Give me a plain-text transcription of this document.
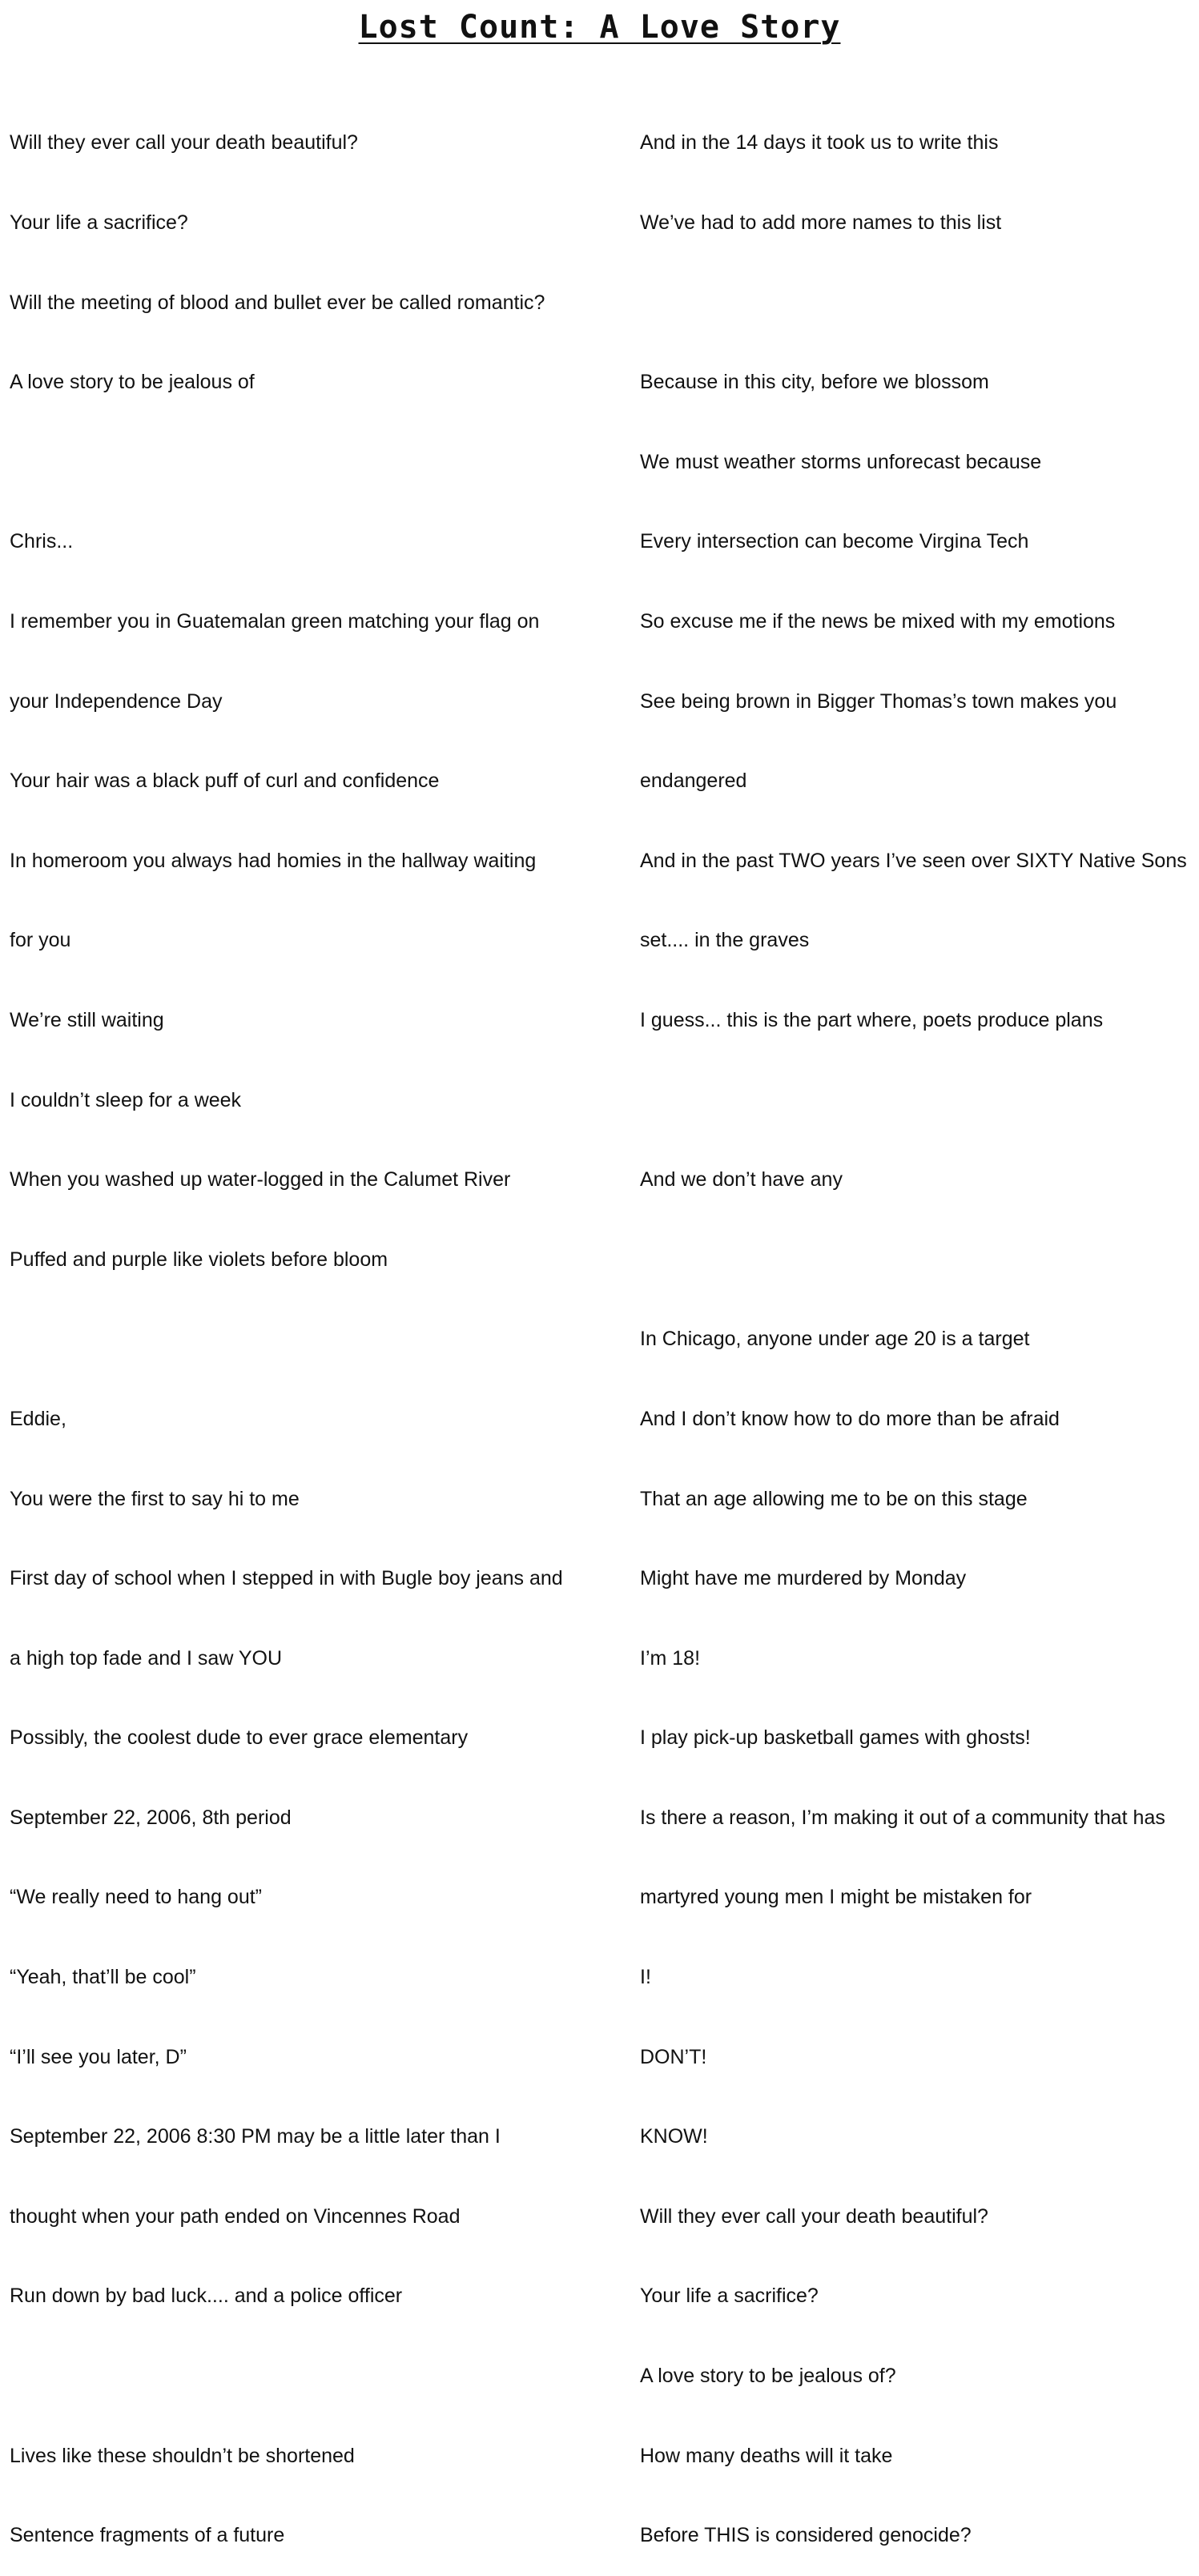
Lost Count: A Love Story

Will they ever call your death beautiful?

Your life a sacrifice?

Will the meeting of blood and bullet ever be called romantic?

A love story to be jealous of

Chris...

I remember you in Guatemalan green matching your flag on

your Independence Day

Your hair was a black puff of curl and confidence

In homeroom you always had homies in the hallway waiting

for you

We’re still waiting

I couldn’t sleep for a week

When you washed up water-logged in the Calumet River

Puffed and purple like violets before bloom

Eddie,

You were the first to say hi to me

First day of school when I stepped in with Bugle boy jeans and

a high top fade and I saw YOU

Possibly, the coolest dude to ever grace elementary

September 22, 2006, 8th period

“We really need to hang out”

“Yeah, that’ll be cool”

“I’ll see you later, D”

September 22, 2006 8:30 PM may be a little later than I

thought when your path ended on Vincennes Road

Run down by bad luck.... and a police officer

Lives like these shouldn’t be shortened

Sentence fragments of a future

And in the 14 days it took us to write this

We’ve had to add more names to this list

Because in this city, before we blossom

We must weather storms unforecast because

Every intersection can become Virgina Tech

So excuse me if the news be mixed with my emotions

See being brown in Bigger Thomas’s town makes you

endangered

And in the past TWO years I’ve seen over SIXTY Native Sons

set.... in the graves

I guess... this is the part where, poets produce plans

And we don’t have any

In Chicago, anyone under age 20 is a target

And I don’t know how to do more than be afraid

That an age allowing me to be on this stage

Might have me murdered by Monday

I’m 18!

I play pick-up basketball games with ghosts!

Is there a reason, I’m making it out of a community that has

martyred young men I might be mistaken for

I!

DON’T!

KNOW!

Will they ever call your death beautiful?

Your life a sacrifice?

A love story to be jealous of?

How many deaths will it take

Before THIS is considered genocide?
